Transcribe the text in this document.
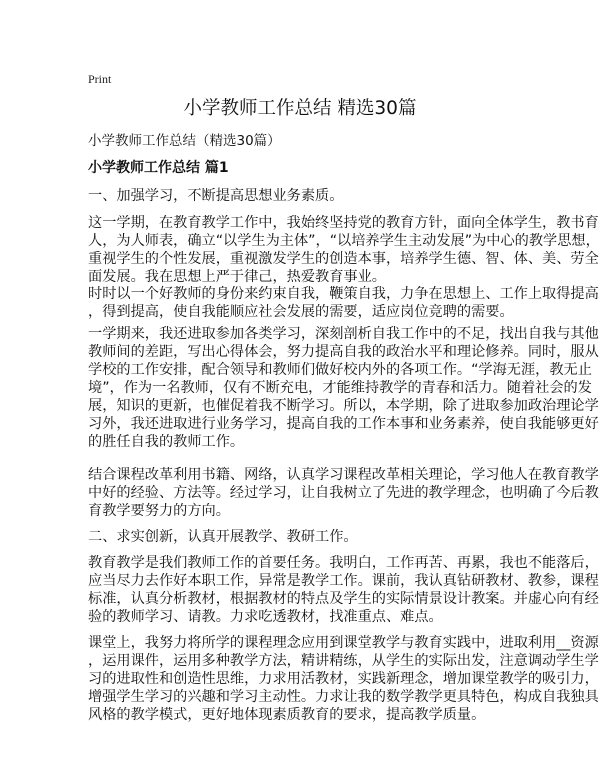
Print
小学教师工作总结 精选30篇
小学教师工作总结（精选30篇）
小学教师工作总结 篇1
一、加强学习，不断提高思想业务素质。
这一学期，在教育教学工作中，我始终坚持党的教育方针，面向全体学生，教书育
人，为人师表，确立“以学生为主体”，“以培养学生主动发展”为中心的教学思想，
重视学生的个性发展，重视激发学生的创造本事，培养学生德、智、体、美、劳全
面发展。我在思想上严于律己，热爱教育事业。
时时以一个好教师的身份来约束自我，鞭策自我，力争在思想上、工作上取得提高
，得到提高，使自我能顺应社会发展的需要，适应岗位竞聘的需要。
一学期来，我还进取参加各类学习，深刻剖析自我工作中的不足，找出自我与其他
教师间的差距，写出心得体会，努力提高自我的政治水平和理论修养。同时，服从
学校的工作安排，配合领导和教师们做好校内外的各项工作。“学海无涯，教无止
境”，作为一名教师，仅有不断充电，才能维持教学的青春和活力。随着社会的发
展，知识的更新，也催促着我不断学习。所以，本学期，除了进取参加政治理论学
习外，我还进取进行业务学习，提高自我的工作本事和业务素养，使自我能够更好
的胜任自我的教师工作。
结合课程改革利用书籍、网络，认真学习课程改革相关理论，学习他人在教育教学
中好的经验、方法等。经过学习，让自我树立了先进的教学理念，也明确了今后教
育教学要努力的方向。
二、求实创新，认真开展教学、教研工作。
教育教学是我们教师工作的首要任务。我明白，工作再苦、再累，我也不能落后，
应当尽力去作好本职工作，异常是教学工作。课前，我认真钻研教材、教参，课程
标准，认真分析教材，根据教材的特点及学生的实际情景设计教案。并虚心向有经
验的教师学习、请教。力求吃透教材，找准重点、难点。
课堂上，我努力将所学的课程理念应用到课堂教学与教育实践中，进取利用__资源
，运用课件，运用多种教学方法，精讲精练，从学生的实际出发，注意调动学生学
习的进取性和创造性思维，力求用活教材，实践新理念，增加课堂教学的吸引力，
增强学生学习的兴趣和学习主动性。力求让我的数学教学更具特色，构成自我独具
风格的教学模式，更好地体现素质教育的要求，提高教学质量。
